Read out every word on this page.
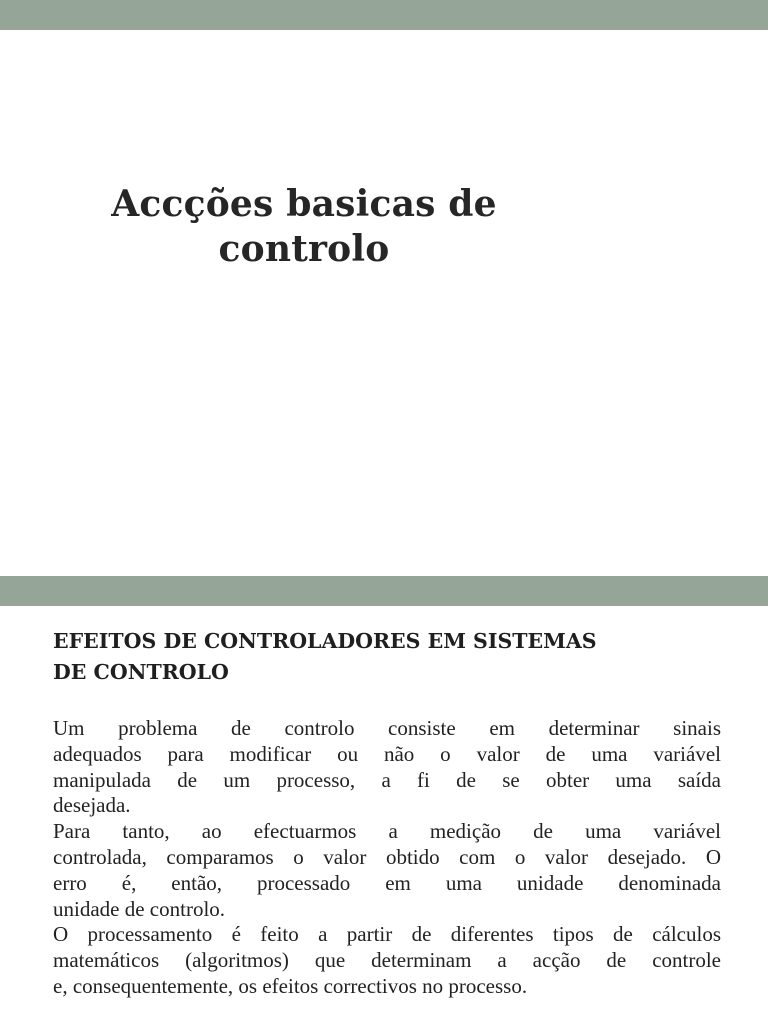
Accções basicas de
controlo
EFEITOS DE CONTROLADORES EM SISTEMAS
DE CONTROLO
Um problema de controlo consiste em determinar sinais
adequados para modificar ou não o valor de uma variável
manipulada de um processo, a fi de se obter uma saída
desejada.
Para tanto, ao efectuarmos a medição de uma variável
controlada, comparamos o valor obtido com o valor desejado. O
erro é, então, processado em uma unidade denominada
unidade de controlo.
O processamento é feito a partir de diferentes tipos de cálculos
matemáticos (algoritmos) que determinam a acção de controle
e, consequentemente, os efeitos correctivos no processo.
